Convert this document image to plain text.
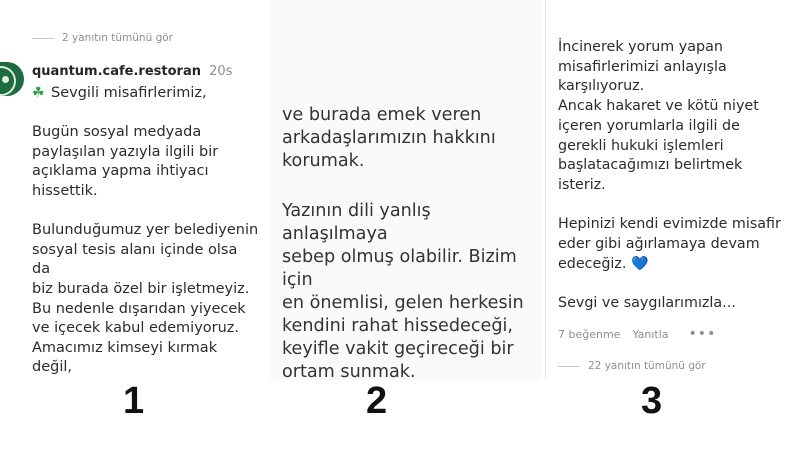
2 yanıtın tümünü gör
quantum.cafe.restoran 20s
☘ Sevgili misafirlerimiz,

Bugün sosyal medyada
paylaşılan yazıyla ilgili bir
açıklama yapma ihtiyacı
hissettik.

Bulunduğumuz yer belediyenin
sosyal tesis alanı içinde olsa da
biz burada özel bir işletmeyiz.
Bu nedenle dışarıdan yiyecek
ve içecek kabul edemiyoruz.
Amacımız kimseyi kırmak değil,

ve burada emek veren
arkadaşlarımızın hakkını
korumak.
Yazının dili yanlış anlaşılmaya
sebep olmuş olabilir. Bizim için
en önemlisi, gelen herkesin
kendini rahat hissedeceği,
keyifle vakit geçireceği bir
ortam sunmak.
İncinerek yorum yapan
misafirlerimizi anlayışla
karşılıyoruz.
Ancak hakaret ve kötü niyet
içeren yorumlarla ilgili de
gerekli hukuki işlemleri
başlatacağımızı belirtmek
isteriz.

Hepinizi kendi evimizde misafir
eder gibi ağırlamaya devam
edeceğiz. 💙

Sevgi ve saygılarımızla...
7 beğenme Yanıtla •••
22 yanıtın tümünü gör
1	2	3
